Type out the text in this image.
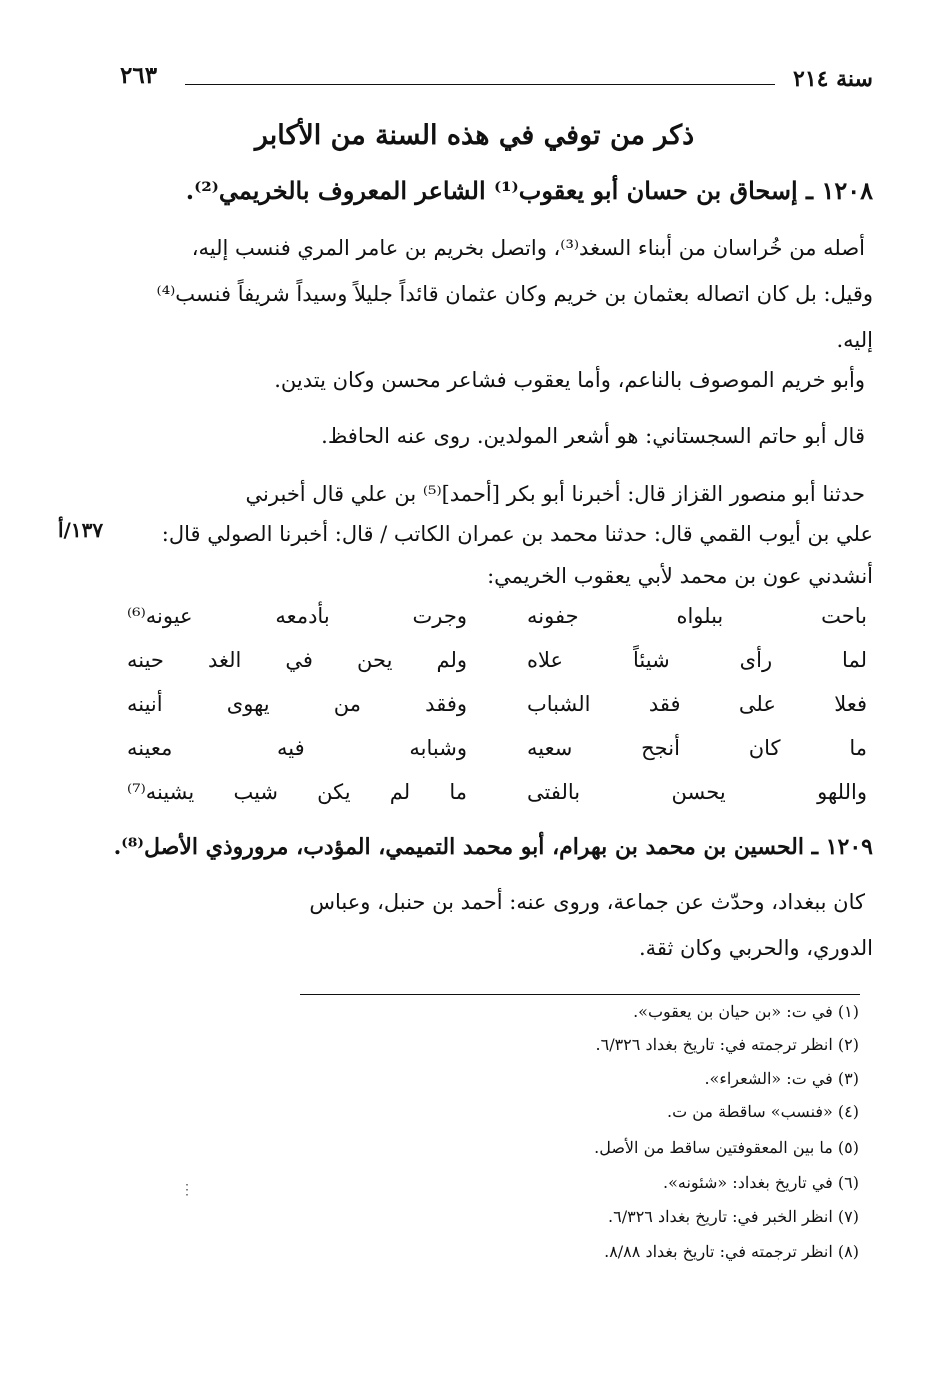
سنة ٢١٤
٢٦٣
ذكر من توفي في هذه السنة من الأكابر
١٢٠٨ ـ إسحاق بن حسان أبو يعقوب⁽¹⁾ الشاعر المعروف بالخريمي⁽²⁾.
أصله من خُراسان من أبناء السغد⁽³⁾، واتصل بخريم بن عامر المري فنسب إليه،
وقيل: بل كان اتصاله بعثمان بن خريم وكان عثمان قائداً جليلاً وسيداً شريفاً فنسب⁽⁴⁾
إليه.
وأبو خريم الموصوف بالناعم، وأما يعقوب فشاعر محسن وكان يتدين.
قال أبو حاتم السجستاني: هو أشعر المولدين. روى عنه الحافظ.
حدثنا أبو منصور القزاز قال: أخبرنا أبو بكر [أحمد]⁽⁵⁾ بن علي قال أخبرني
علي بن أيوب القمي قال: حدثنا محمد بن عمران الكاتب / قال: أخبرنا الصولي قال:
١٣٧/أ
أنشدني عون بن محمد لأبي يعقوب الخريمي:
باحت ببلواه جفونه
وجرت بأدمعه عيونه⁽⁶⁾
لما رأى شيئاً علاه
ولم يحن في الغد حينه
فعلا على فقد الشباب
وفقد من يهوى أنينه
ما كان أنجح سعيه
وشبابه فيه معينه
واللهو يحسن بالفتى
ما لم يكن شيب يشينه⁽⁷⁾
١٢٠٩ ـ الحسين بن محمد بن بهرام، أبو محمد التميمي، المؤدب، مروروذي الأصل⁽⁸⁾.
كان ببغداد، وحدّث عن جماعة، وروى عنه: أحمد بن حنبل، وعباس
الدوري، والحربي وكان ثقة.
(١) في ت: «بن حيان بن يعقوب».
(٢) انظر ترجمته في: تاريخ بغداد ٦/٣٢٦.
(٣) في ت: «الشعراء».
(٤) «فنسب» ساقطة من ت.
(٥) ما بين المعقوفتين ساقط من الأصل.
(٦) في تاريخ بغداد: «شئونه».
(٧) انظر الخبر في: تاريخ بغداد ٦/٣٢٦.
(٨) انظر ترجمته في: تاريخ بغداد ٨/٨٨.
⋮
